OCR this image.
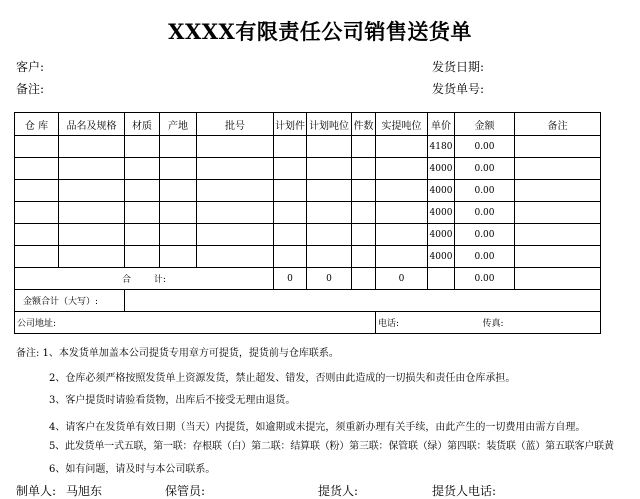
XXXX有限责任公司销售送货单
客户:	发货日期:
备注:	发货单号:
仓 库	品名及规格	材质	产地	批号	计划件	计划吨位	件数	实提吨位	单价	金额	备注
									4180	0.00	
									4000	0.00	
									4000	0.00	
									4000	0.00	
									4000	0.00	
									4000	0.00	
合        计:					0	0		0		0.00	
金额合计（大写）:											
公司地址:								电话:		传真:	
备注: 1、本发货单加盖本公司提货专用章方可提货，提货前与仓库联系。
2、仓库必须严格按照发货单上资源发货，禁止超发、错发，否则由此造成的一切损失和责任由仓库承担。
3、客户提货时请验看货物，出库后不接受无理由退货。
4、请客户在发货单有效日期（当天）内提货，如逾期或未提完，须重新办理有关手续，由此产生的一切费用由需方自理。
5、此发货单一式五联，第一联：存根联（白）第二联：结算联（粉）第三联：保管联（绿）第四联：装货联（蓝）第五联客户联黄
6、如有问题，请及时与本公司联系。
制单人: 马旭东	保管员:	提货人:	提货人电话:
